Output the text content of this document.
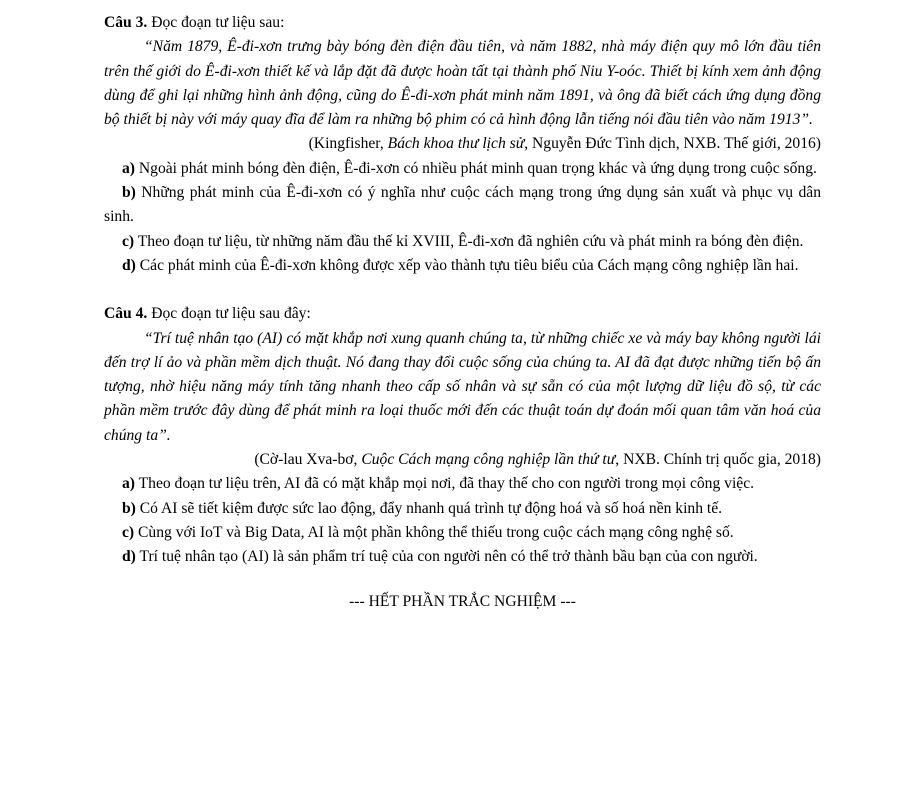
Câu 3. Đọc đoạn tư liệu sau:

“Năm 1879, Ê-đi-xơn trưng bày bóng đèn điện đầu tiên, và năm 1882, nhà máy điện quy mô lớn đầu tiên trên thế giới do Ê-đi-xơn thiết kế và lắp đặt đã được hoàn tất tại thành phố Niu Y-oóc. Thiết bị kính xem ảnh động dùng để ghi lại những hình ảnh động, cũng do Ê-đi-xơn phát minh năm 1891, và ông đã biết cách ứng dụng đồng bộ thiết bị này với máy quay đĩa để làm ra những bộ phim có cả hình động lẫn tiếng nói đầu tiên vào năm 1913”.

(Kingfisher, Bách khoa thư lịch sử, Nguyễn Đức Tình dịch, NXB. Thế giới, 2016)

a) Ngoài phát minh bóng đèn điện, Ê-đi-xơn có nhiều phát minh quan trọng khác và ứng dụng trong cuộc sống.

b) Những phát minh của Ê-đi-xơn có ý nghĩa như cuộc cách mạng trong ứng dụng sản xuất và phục vụ dân sinh.

c) Theo đoạn tư liệu, từ những năm đầu thế kỉ XVIII, Ê-đi-xơn đã nghiên cứu và phát minh ra bóng đèn điện.

d) Các phát minh của Ê-đi-xơn không được xếp vào thành tựu tiêu biểu của Cách mạng công nghiệp lần hai.

Câu 4. Đọc đoạn tư liệu sau đây:

“Trí tuệ nhân tạo (AI) có mặt khắp nơi xung quanh chúng ta, từ những chiếc xe và máy bay không người lái đến trợ lí ảo và phần mềm dịch thuật. Nó đang thay đổi cuộc sống của chúng ta. AI đã đạt được những tiến bộ ấn tượng, nhờ hiệu năng máy tính tăng nhanh theo cấp số nhân và sự sẵn có của một lượng dữ liệu đồ sộ, từ các phần mềm trước đây dùng để phát minh ra loại thuốc mới đến các thuật toán dự đoán mối quan tâm văn hoá của chúng ta”.

(Cờ-lau Xva-bơ, Cuộc Cách mạng công nghiệp lần thứ tư, NXB. Chính trị quốc gia, 2018)

a) Theo đoạn tư liệu trên, AI đã có mặt khắp mọi nơi, đã thay thế cho con người trong mọi công việc.

b) Có AI sẽ tiết kiệm được sức lao động, đẩy nhanh quá trình tự động hoá và số hoá nền kinh tế.

c) Cùng với IoT và Big Data, AI là một phần không thể thiếu trong cuộc cách mạng công nghệ số.

d) Trí tuệ nhân tạo (AI) là sản phẩm trí tuệ của con người nên có thể trở thành bầu bạn của con người.

--- HẾT PHẦN TRẮC NGHIỆM ---
